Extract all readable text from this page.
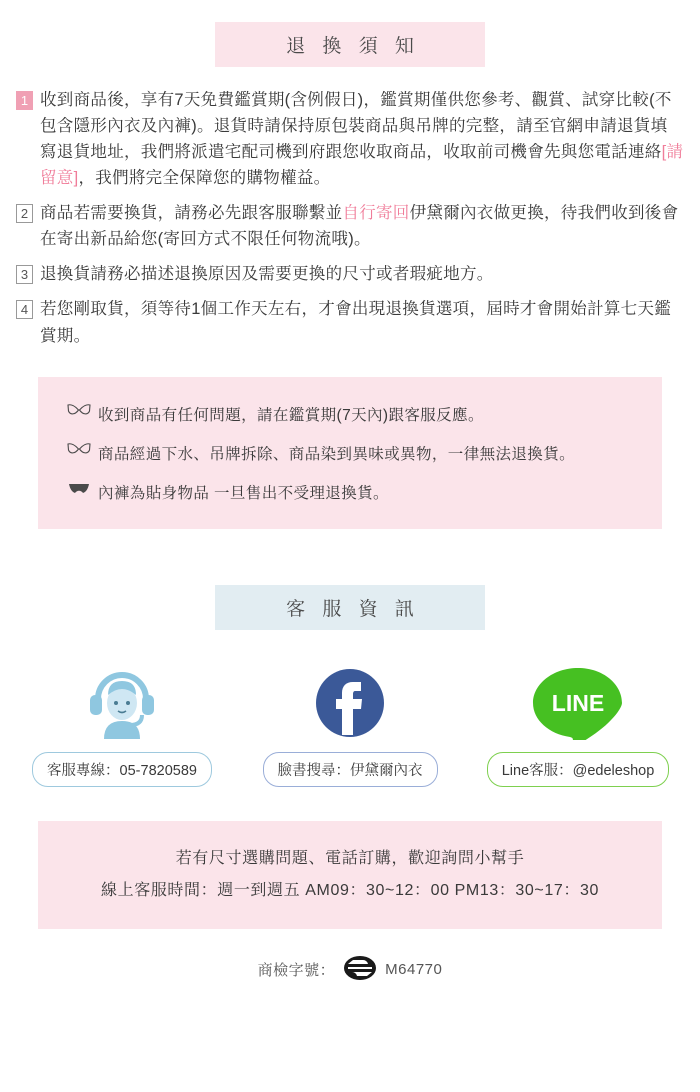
退 換 須 知
1 收到商品後，享有7天免費鑑賞期(含例假日)，鑑賞期僅供您參考、觀賞、試穿比較(不包含隱形內衣及內褲)。退貨時請保持原包裝商品與吊牌的完整，請至官網申請退貨填寫退貨地址，我們將派遣宅配司機到府跟您收取商品，收取前司機會先與您電話連絡[請留意]，我們將完全保障您的購物權益。
2 商品若需要換貨，請務必先跟客服聯繫並自行寄回伊黛爾內衣做更換，待我們收到後會在寄出新品給您(寄回方式不限任何物流哦)。
3 退換貨請務必描述退換原因及需要更換的尺寸或者瑕疵地方。
4 若您剛取貨，須等待1個工作天左右，才會出現退換貨選項，屆時才會開始計算七天鑑賞期。
收到商品有任何問題，請在鑑賞期(7天內)跟客服反應。
商品經過下水、吊牌拆除、商品染到異味或異物，一律無法退換貨。
內褲為貼身物品 一旦售出不受理退換貨。
客 服 資 訊
客服專線：05-7820589	臉書搜尋：伊黛爾內衣
LINE
Line客服：@edeleshop
若有尺寸選購問題、電話訂購，歡迎詢問小幫手
線上客服時間：週一到週五 AM09：30~12：00 PM13：30~17：30
商檢字號：	M64770
